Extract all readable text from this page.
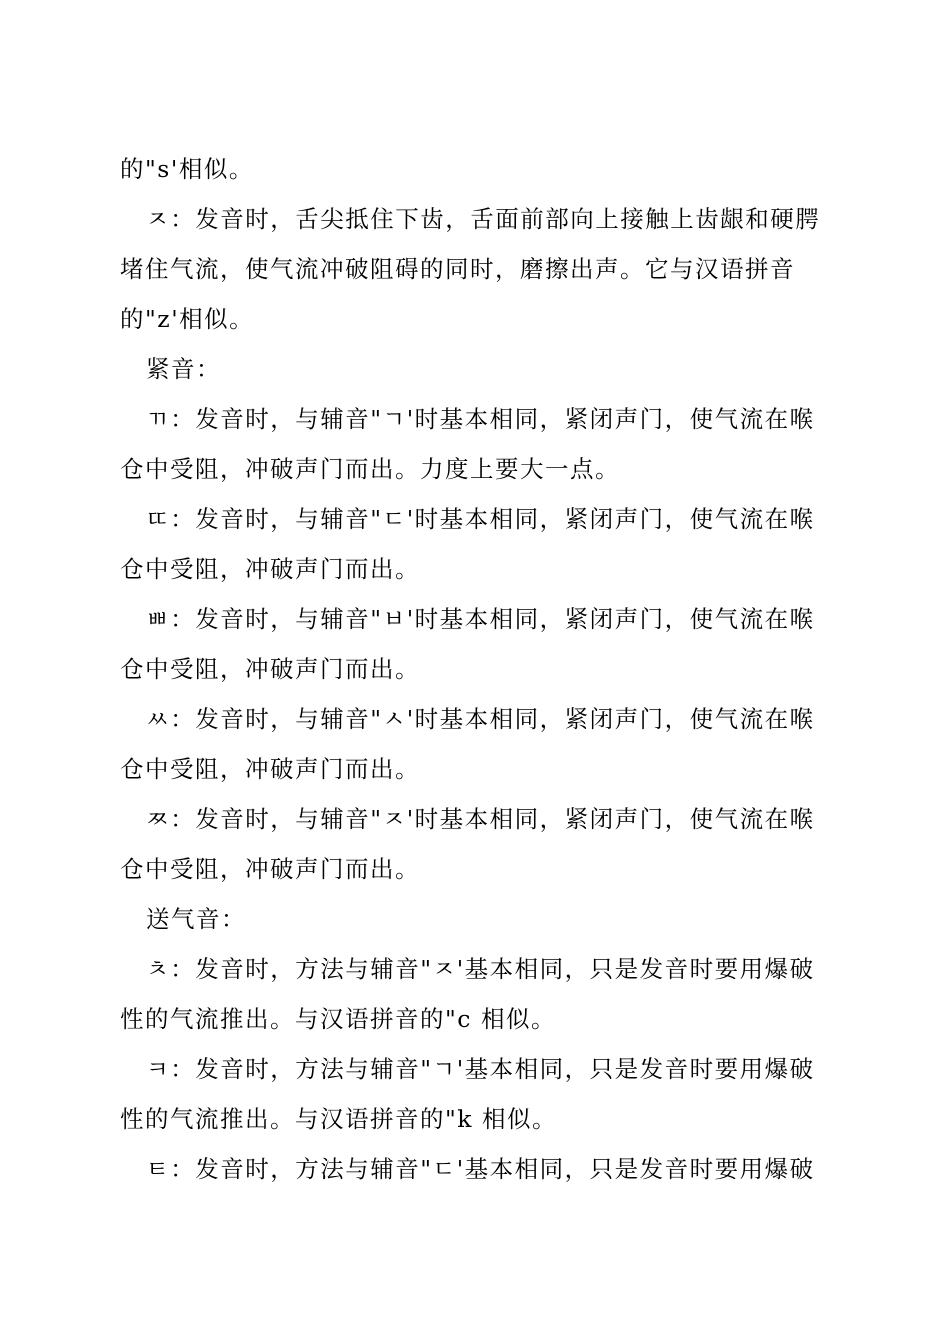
的"s'相似。
ㅈ：发音时，舌尖抵住下齿，舌面前部向上接触上齿龈和硬腭
堵住气流，使气流冲破阻碍的同时，磨擦出声。它与汉语拼音
的"z'相似。
紧音：
ㄲ：发音时，与辅音"ㄱ'时基本相同，紧闭声门，使气流在喉
仓中受阻，冲破声门而出。力度上要大一点。
ㄸ：发音时，与辅音"ㄷ'时基本相同，紧闭声门，使气流在喉
仓中受阻，冲破声门而出。
ㅃ：发音时，与辅音"ㅂ'时基本相同，紧闭声门，使气流在喉
仓中受阻，冲破声门而出。
ㅆ：发音时，与辅音"ㅅ'时基本相同，紧闭声门，使气流在喉
仓中受阻，冲破声门而出。
ㅉ：发音时，与辅音"ㅈ'时基本相同，紧闭声门，使气流在喉
仓中受阻，冲破声门而出。
送气音：
ㅊ：发音时，方法与辅音"ㅈ'基本相同，只是发音时要用爆破
性的气流推出。与汉语拼音的"c 相似。
ㅋ：发音时，方法与辅音"ㄱ'基本相同，只是发音时要用爆破
性的气流推出。与汉语拼音的"k 相似。
ㅌ：发音时，方法与辅音"ㄷ'基本相同，只是发音时要用爆破
